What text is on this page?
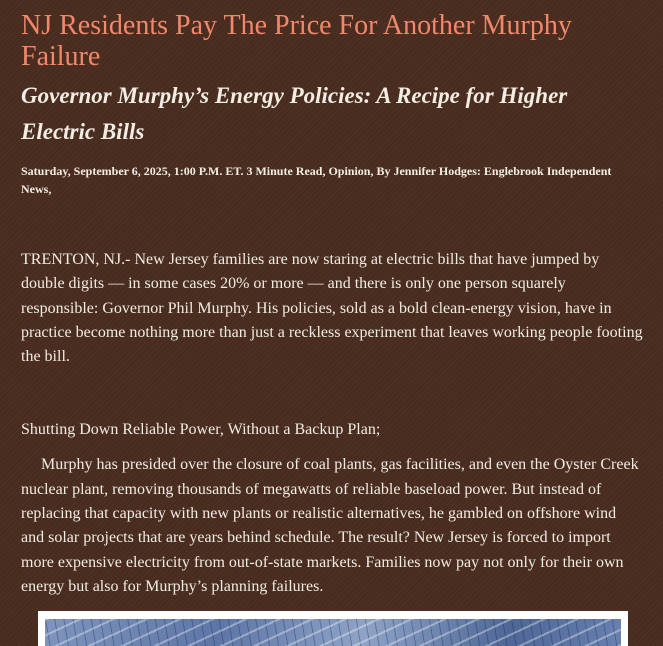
NJ Residents Pay The Price For Another Murphy Failure
Governor Murphy’s Energy Policies: A Recipe for Higher Electric Bills

Saturday, September 6, 2025, 1:00 P.M. ET. 3 Minute Read, Opinion, By Jennifer Hodges: Englebrook Independent News,

TRENTON, NJ.- New Jersey families are now staring at electric bills that have jumped by double digits — in some cases 20% or more — and there is only one person squarely responsible: Governor Phil Murphy. His policies, sold as a bold clean-energy vision, have in practice become nothing more than just a reckless experiment that leaves working people footing the bill.

Shutting Down Reliable Power, Without a Backup Plan;

Murphy has presided over the closure of coal plants, gas facilities, and even the Oyster Creek nuclear plant, removing thousands of megawatts of reliable baseload power. But instead of replacing that capacity with new plants or realistic alternatives, he gambled on offshore wind and solar projects that are years behind schedule. The result? New Jersey is forced to import more expensive electricity from out-of-state markets. Families now pay not only for their own energy but also for Murphy’s planning failures.
